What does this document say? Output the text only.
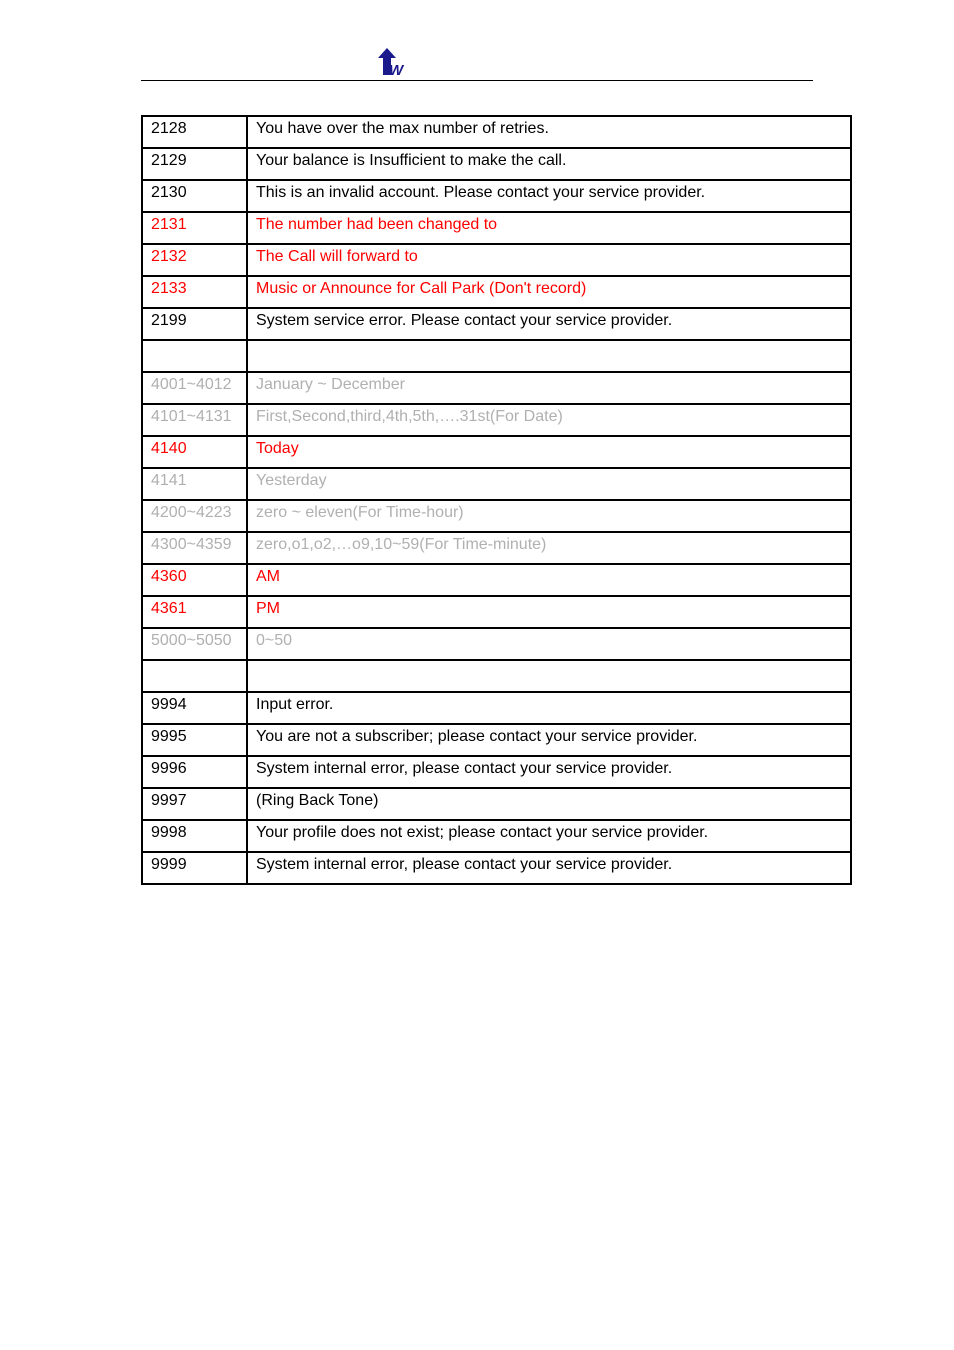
W
2128	You have over the max number of retries.
2129	Your balance is Insufficient to make the call.
2130	This is an invalid account. Please contact your service provider.
2131	The number had been changed to
2132	The Call will forward to
2133	Music or Announce for Call Park (Don't record)
2199	System service error. Please contact your service provider.

4001~4012	January ~ December
4101~4131	First,Second,third,4th,5th,….31st(For Date)
4140	Today
4141	Yesterday
4200~4223	zero ~ eleven(For Time-hour)
4300~4359	zero,o1,o2,…o9,10~59(For Time-minute)
4360	AM
4361	PM
5000~5050	0~50

9994	Input error.
9995	You are not a subscriber; please contact your service provider.
9996	System internal error, please contact your service provider.
9997	(Ring Back Tone)
9998	Your profile does not exist; please contact your service provider.
9999	System internal error, please contact your service provider.
